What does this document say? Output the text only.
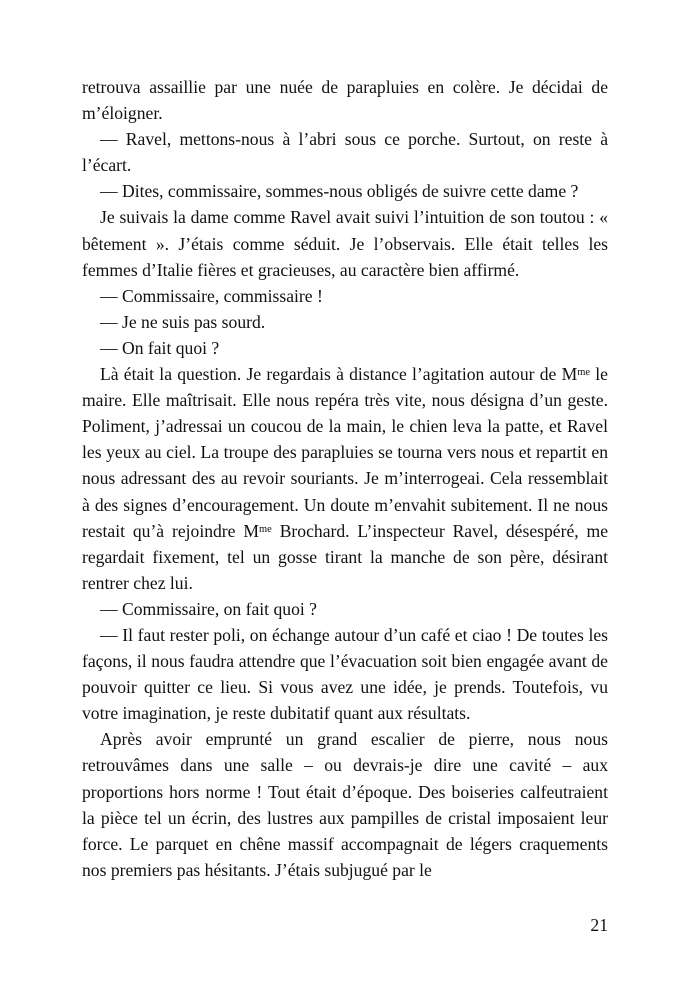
retrouva assaillie par une nuée de parapluies en colère. Je décidai de m’éloigner.

— Ravel, mettons-nous à l’abri sous ce porche. Surtout, on reste à l’écart.

— Dites, commissaire, sommes-nous obligés de suivre cette dame ?

Je suivais la dame comme Ravel avait suivi l’intuition de son toutou : « bêtement ». J’étais comme séduit. Je l’observais. Elle était telles les femmes d’Italie fières et gracieuses, au caractère bien affirmé.

— Commissaire, commissaire !

— Je ne suis pas sourd.

— On fait quoi ?

Là était la question. Je regardais à distance l’agitation autour de $M^{me}$ le maire. Elle maîtrisait. Elle nous repéra très vite, nous désigna d’un geste. Poliment, j’adressai un coucou de la main, le chien leva la patte, et Ravel les yeux au ciel. La troupe des parapluies se tourna vers nous et repartit en nous adressant des au revoir souriants. Je m’interrogeai. Cela ressemblait à des signes d’encouragement. Un doute m’envahit subitement. Il ne nous restait qu’à rejoindre $M^{me}$ Brochard. L’inspecteur Ravel, désespéré, me regardait fixement, tel un gosse tirant la manche de son père, désirant rentrer chez lui.

— Commissaire, on fait quoi ?

— Il faut rester poli, on échange autour d’un café et ciao ! De toutes les façons, il nous faudra attendre que l’évacuation soit bien engagée avant de pouvoir quitter ce lieu. Si vous avez une idée, je prends. Toutefois, vu votre imagination, je reste dubitatif quant aux résultats.

Après avoir emprunté un grand escalier de pierre, nous nous retrouvâmes dans une salle – ou devrais-je dire une cavité – aux proportions hors norme ! Tout était d’époque. Des boiseries calfeutraient la pièce tel un écrin, des lustres aux pampilles de cristal imposaient leur force. Le parquet en chêne massif accompagnait de légers craquements nos premiers pas hésitants. J’étais subjugué par le

21
